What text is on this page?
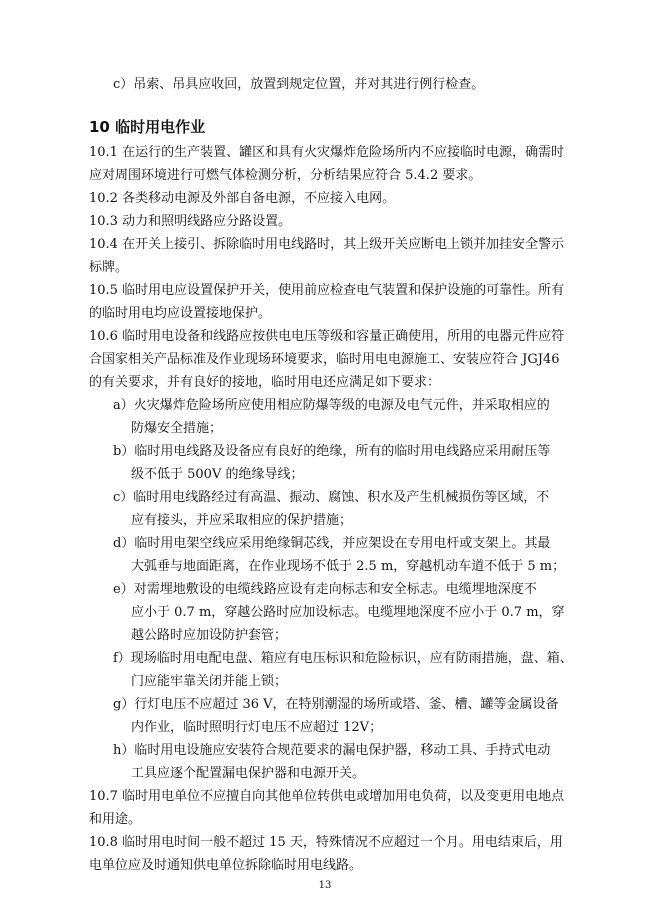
c）吊索、吊具应收回，放置到规定位置，并对其进行例行检查。
10 临时用电作业
10.1 在运行的生产装置、罐区和具有火灾爆炸危险场所内不应接临时电源，确需时
应对周围环境进行可燃气体检测分析，分析结果应符合 5.4.2 要求。
10.2 各类移动电源及外部自备电源，不应接入电网。
10.3 动力和照明线路应分路设置。
10.4 在开关上接引、拆除临时用电线路时，其上级开关应断电上锁并加挂安全警示
标牌。
10.5 临时用电应设置保护开关，使用前应检查电气装置和保护设施的可靠性。所有
的临时用电均应设置接地保护。
10.6 临时用电设备和线路应按供电电压等级和容量正确使用，所用的电器元件应符
合国家相关产品标准及作业现场环境要求，临时用电电源施工、安装应符合 JGJ46
的有关要求，并有良好的接地，临时用电还应满足如下要求：
a）火灾爆炸危险场所应使用相应防爆等级的电源及电气元件，并采取相应的
防爆安全措施；
b）临时用电线路及设备应有良好的绝缘，所有的临时用电线路应采用耐压等
级不低于 500V 的绝缘导线；
c）临时用电线路经过有高温、振动、腐蚀、积水及产生机械损伤等区域，不
应有接头，并应采取相应的保护措施；
d）临时用电架空线应采用绝缘铜芯线，并应架设在专用电杆或支架上。其最
大弧垂与地面距离，在作业现场不低于 2.5 m，穿越机动车道不低于 5 m；
e）对需埋地敷设的电缆线路应设有走向标志和安全标志。电缆埋地深度不
应小于 0.7 m，穿越公路时应加设标志。电缆埋地深度不应小于 0.7 m，穿
越公路时应加设防护套管；
f）现场临时用电配电盘、箱应有电压标识和危险标识，应有防雨措施，盘、箱、
门应能牢靠关闭并能上锁；
g）行灯电压不应超过 36 V，在特别潮湿的场所或塔、釜、槽、罐等金属设备
内作业，临时照明行灯电压不应超过 12V；
h）临时用电设施应安装符合规范要求的漏电保护器，移动工具、手持式电动
工具应逐个配置漏电保护器和电源开关。
10.7 临时用电单位不应擅自向其他单位转供电或增加用电负荷，以及变更用电地点
和用途。
10.8 临时用电时间一般不超过 15 天，特殊情况不应超过一个月。用电结束后，用
电单位应及时通知供电单位拆除临时用电线路。
13
